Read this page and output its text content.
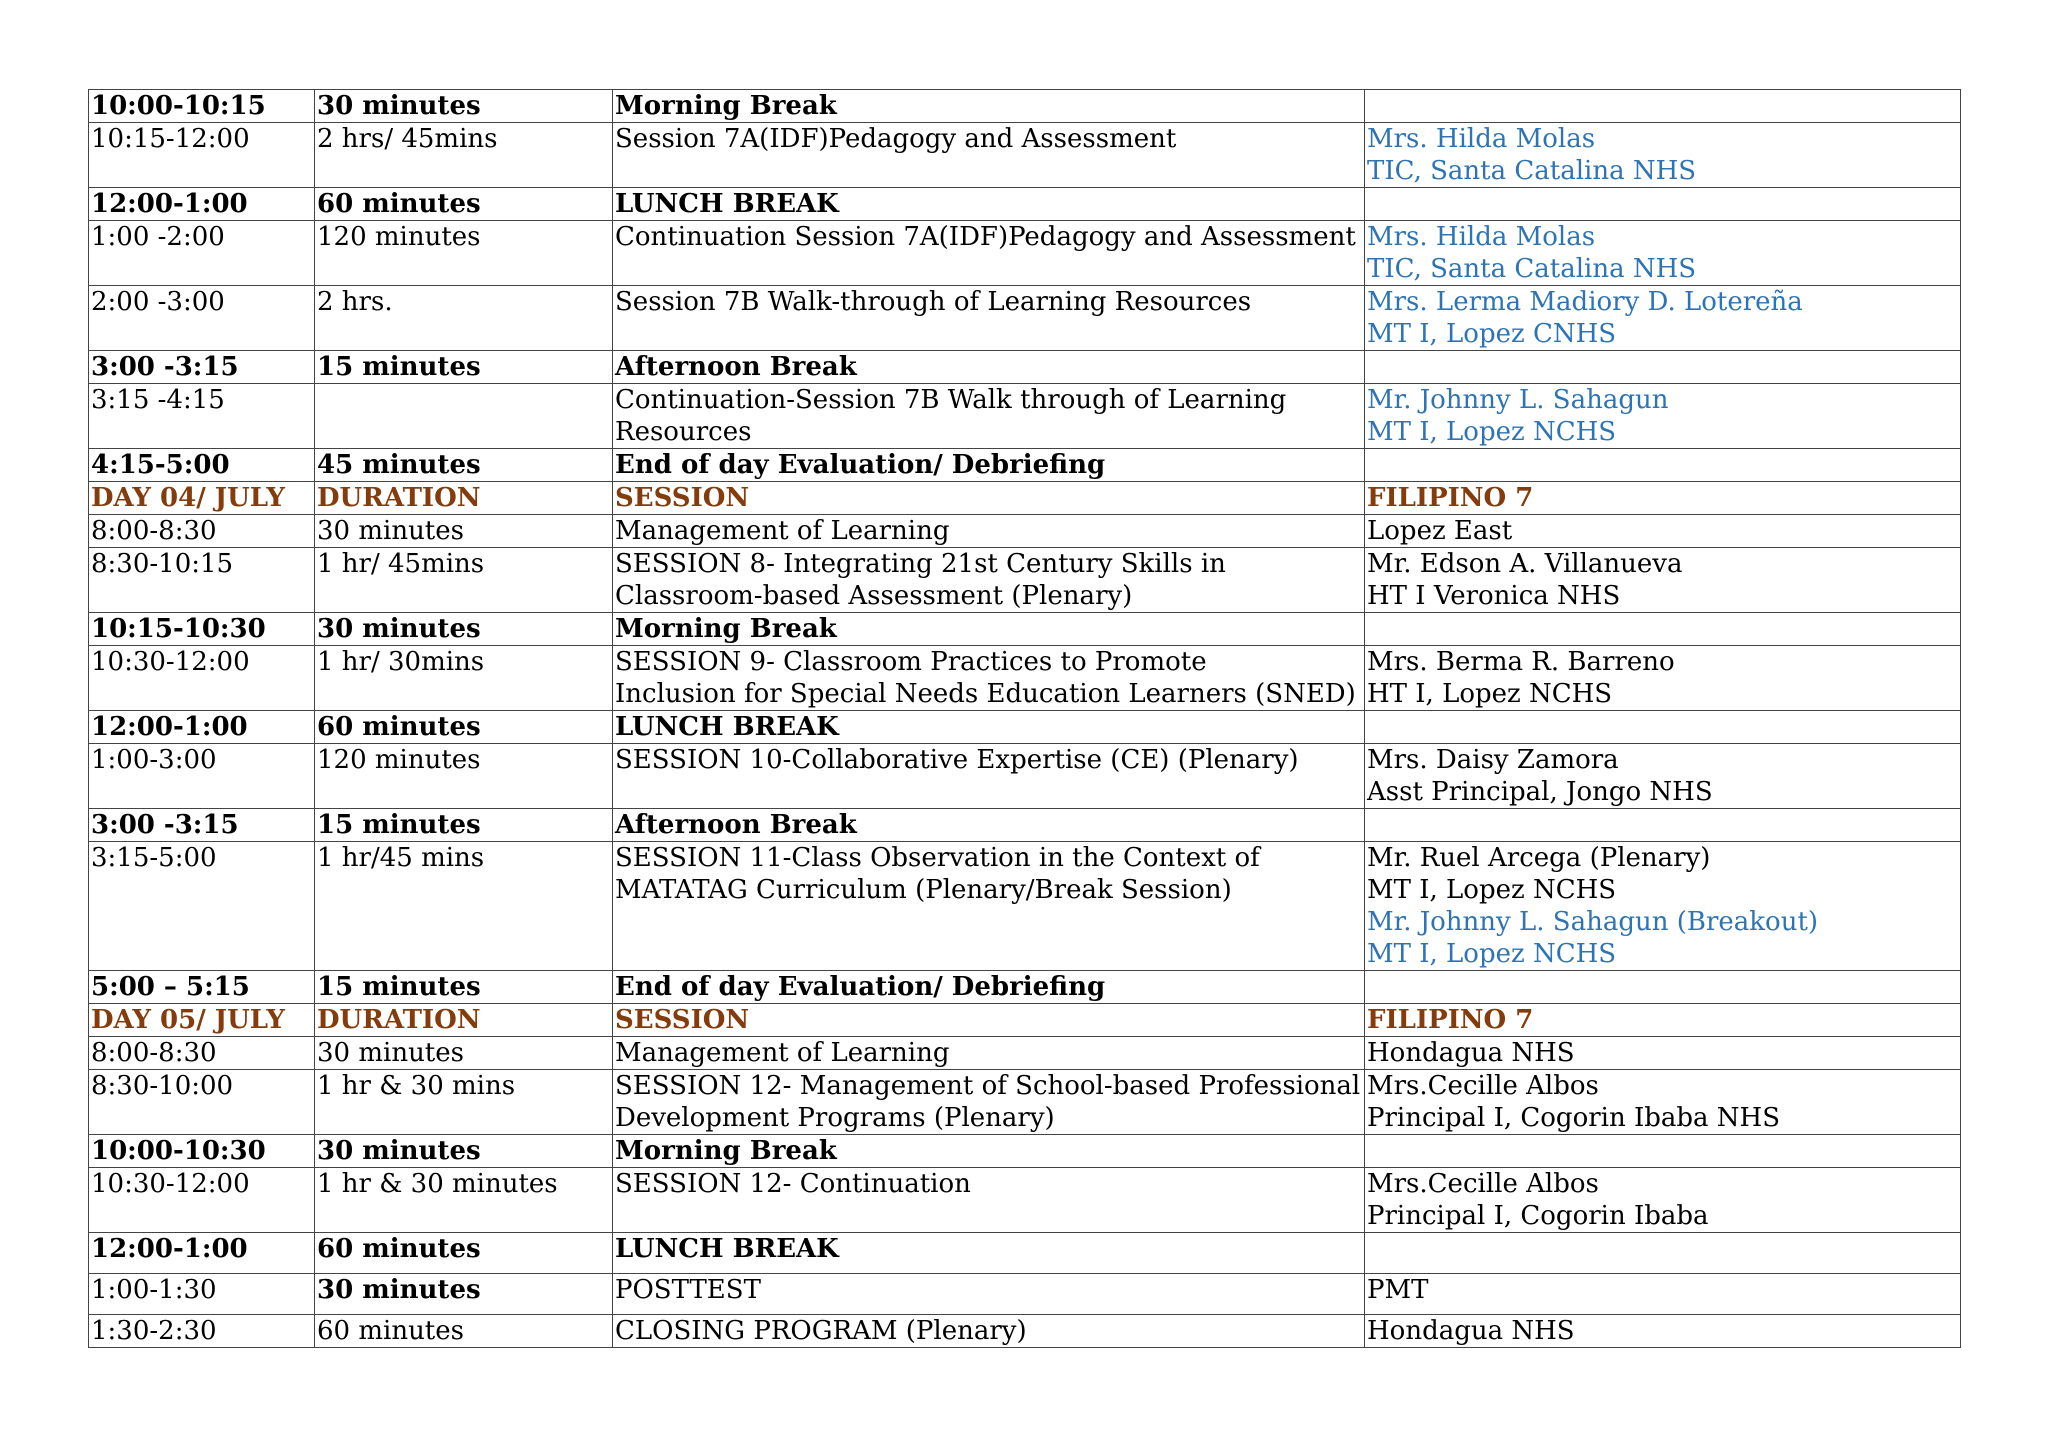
10:00-10:15	30 minutes	Morning Break	
10:15-12:00	2 hrs/ 45mins	Session 7A(IDF)Pedagogy and Assessment	Mrs. Hilda Molas
TIC, Santa Catalina NHS

12:00-1:00	60 minutes	LUNCH BREAK	
1:00 -2:00	120 minutes	Continuation Session 7A(IDF)Pedagogy and Assessment	Mrs. Hilda Molas
TIC, Santa Catalina NHS

2:00 -3:00	2 hrs.	Session 7B Walk-through of Learning Resources	Mrs. Lerma Madiory D. Lotereña
MT I, Lopez CNHS

3:00 -3:15	15 minutes	Afternoon Break	
3:15 -4:15		Continuation-Session 7B Walk through of Learning
Resources	Mr. Johnny L. Sahagun
MT I, Lopez NCHS

4:15-5:00	45 minutes	End of day Evaluation/ Debriefing	
DAY 04/ JULY	DURATION	SESSION	FILIPINO 7

8:00-8:30	30 minutes	Management of Learning	Lopez East

8:30-10:15	1 hr/ 45mins	SESSION 8- Integrating 21st Century Skills in
Classroom-based Assessment (Plenary)	Mr. Edson A. Villanueva
HT I Veronica NHS

10:15-10:30	30 minutes	Morning Break	
10:30-12:00	1 hr/ 30mins	SESSION 9- Classroom Practices to Promote
Inclusion for Special Needs Education Learners (SNED)	Mrs. Berma R. Barreno
HT I, Lopez NCHS

12:00-1:00	60 minutes	LUNCH BREAK	
1:00-3:00	120 minutes	SESSION 10-Collaborative Expertise (CE) (Plenary)	Mrs. Daisy Zamora
Asst Principal, Jongo NHS

3:00 -3:15	15 minutes	Afternoon Break	
3:15-5:00	1 hr/45 mins	SESSION 11-Class Observation in the Context of
MATATAG Curriculum (Plenary/Break Session)	Mr. Ruel Arcega (Plenary)
MT I, Lopez NCHS
Mr. Johnny L. Sahagun (Breakout)
MT I, Lopez NCHS

5:00 – 5:15	15 minutes	End of day Evaluation/ Debriefing	
DAY 05/ JULY	DURATION	SESSION	FILIPINO 7

8:00-8:30	30 minutes	Management of Learning	Hondagua NHS

8:30-10:00	1 hr & 30 mins	SESSION 12- Management of School-based Professional
Development Programs (Plenary)	Mrs.Cecille Albos
Principal I, Cogorin Ibaba NHS

10:00-10:30	30 minutes	Morning Break	
10:30-12:00	1 hr & 30 minutes	SESSION 12- Continuation	Mrs.Cecille Albos
Principal I, Cogorin Ibaba

12:00-1:00	60 minutes	LUNCH BREAK	
1:00-1:30	30 minutes	POSTTEST	PMT

1:30-2:30	60 minutes	CLOSING PROGRAM (Plenary)	Hondagua NHS
